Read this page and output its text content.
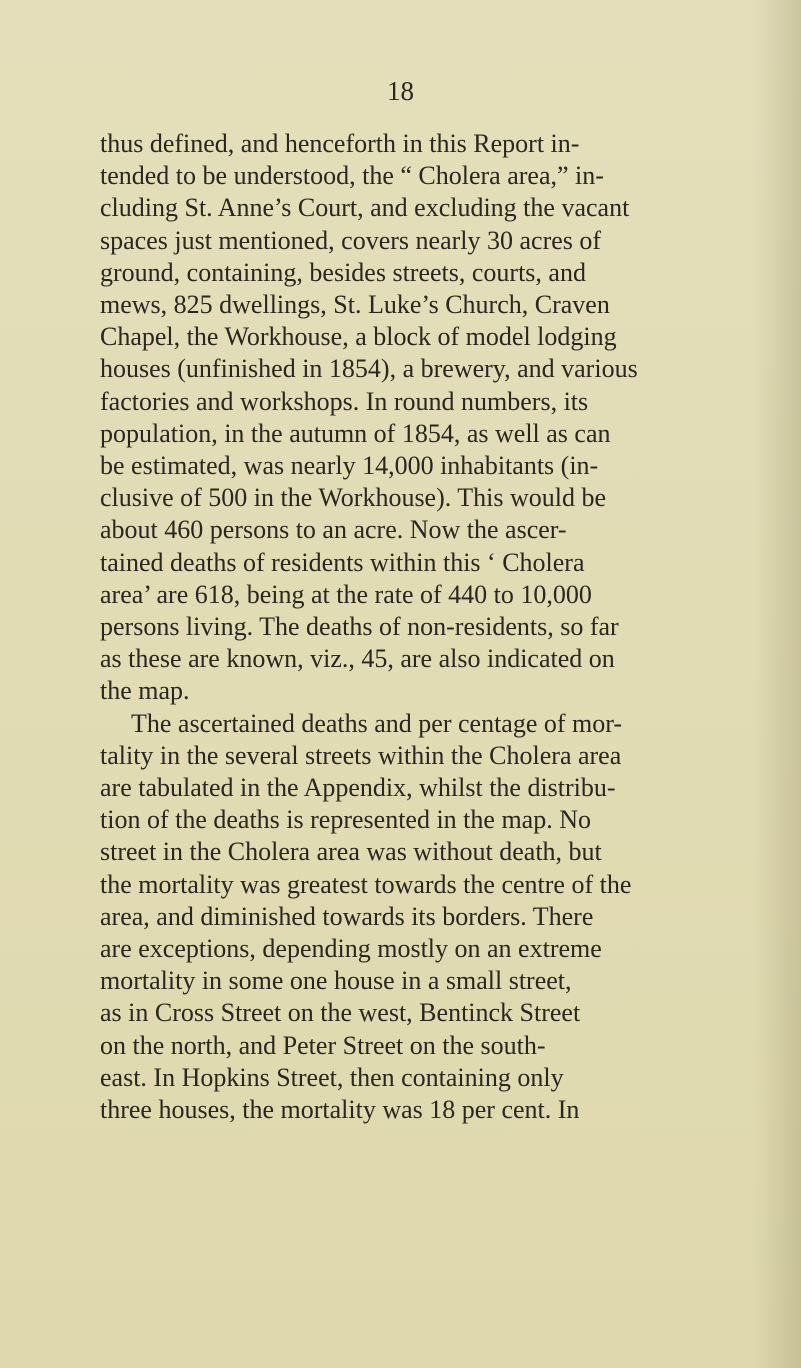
18

thus defined, and henceforth in this Report in-
tended to be understood, the “ Cholera area,” in-
cluding St. Anne’s Court, and excluding the vacant
spaces just mentioned, covers nearly 30 acres of
ground, containing, besides streets, courts, and
mews, 825 dwellings, St. Luke’s Church, Craven
Chapel, the Workhouse, a block of model lodging
houses (unfinished in 1854), a brewery, and various
factories and workshops. In round numbers, its
population, in the autumn of 1854, as well as can
be estimated, was nearly 14,000 inhabitants (in-
clusive of 500 in the Workhouse). This would be
about 460 persons to an acre. Now the ascer-
tained deaths of residents within this ‘ Cholera
area’ are 618, being at the rate of 440 to 10,000
persons living. The deaths of non-residents, so far
as these are known, viz., 45, are also indicated on
the map.
The ascertained deaths and per centage of mor-
tality in the several streets within the Cholera area
are tabulated in the Appendix, whilst the distribu-
tion of the deaths is represented in the map. No
street in the Cholera area was without death, but
the mortality was greatest towards the centre of the
area, and diminished towards its borders. There
are exceptions, depending mostly on an extreme
mortality in some one house in a small street,
as in Cross Street on the west, Bentinck Street
on the north, and Peter Street on the south-
east. In Hopkins Street, then containing only
three houses, the mortality was 18 per cent. In
